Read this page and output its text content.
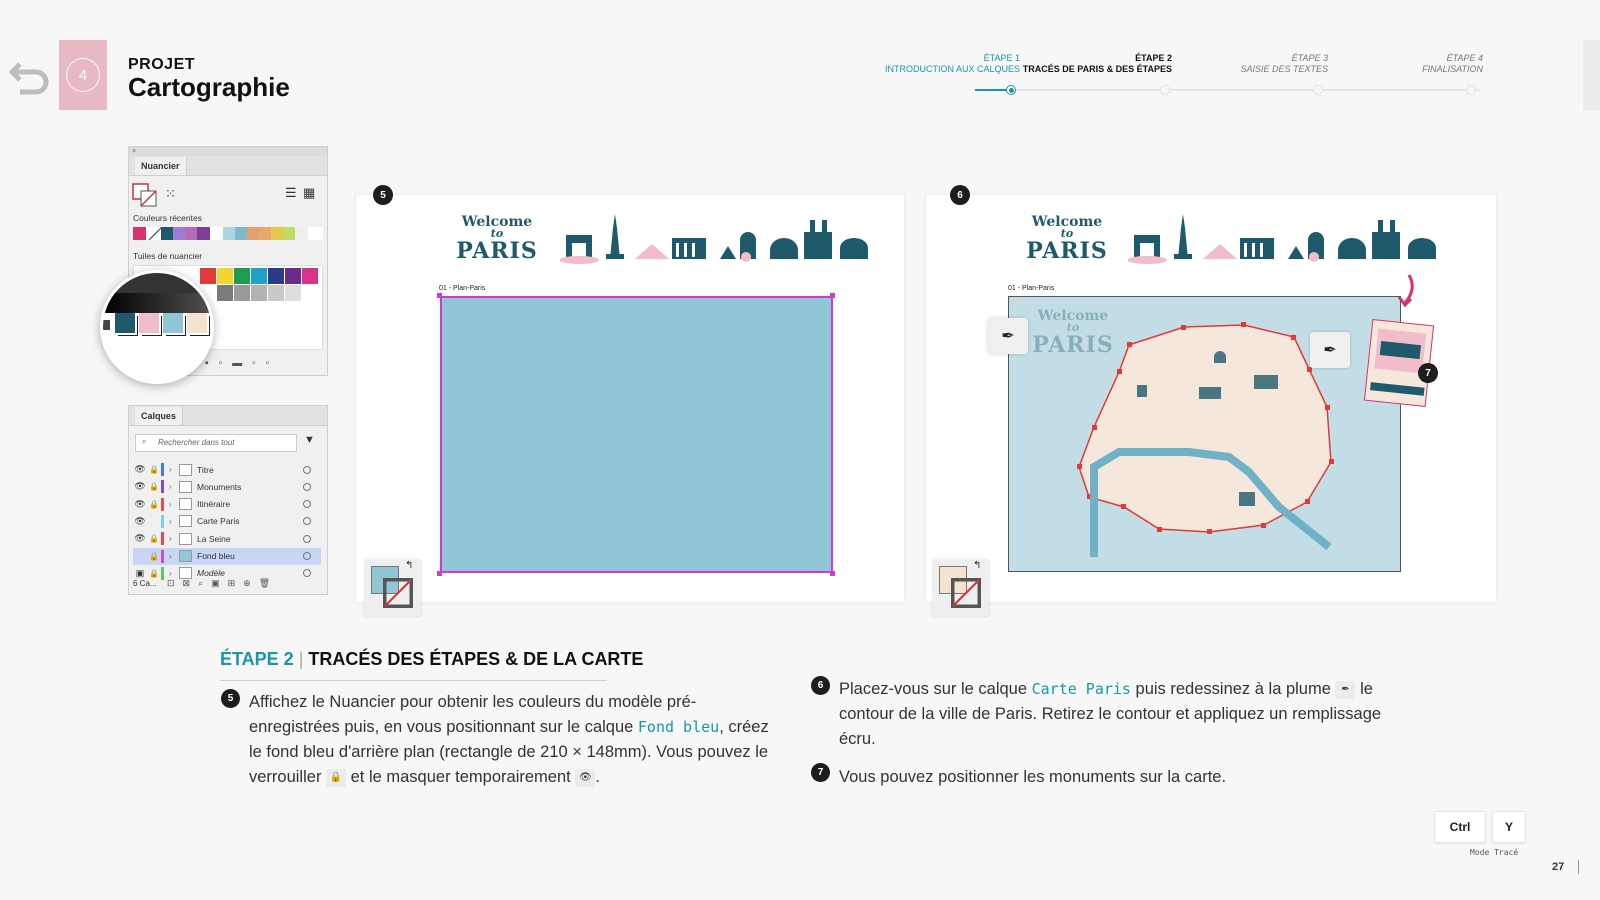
4
PROJET
Cartographie
ÉTAPE 1
INTRODUCTION AUX CALQUES
ÉTAPE 2
TRACÉS DE PARIS & DES ÉTAPES
ÉTAPE 3
SAISIE DES TEXTES
ÉTAPE 4
FINALISATION
×
Nuancier
⁙	☰ ▦
Couleurs récentes
Tuiles de nuancier
▪▫▬▫▫
Calques
⌕ Rechercher dans tout	▼
👁 🔒 ›	Titre
👁 🔒 ›	Monuments
👁 🔒 ›	Itinéraire
👁	›	Carte Paris
👁 🔒 ›	La Seine
🔒 ›	Fond bleu
▣ 🔒 ›	Modèle
6 Ca... ⊡⊠⌕▣⊞⊕🗑
5
Welcome
to
PARIS
01 - Plan-Paris
↰
6
Welcome
to
PARIS
01 - Plan-Paris
Welcome
to
PARIS
✒
✒
7
↰
ÉTAPE 2 | TRACÉS DES ÉTAPES & DE LA CARTE
5 Affichez le Nuancier pour obtenir les couleurs du modèle pré-enregistrées puis, en vous positionnant sur le calque Fond bleu, créez le fond bleu d'arrière plan (rectangle de 210 × 148mm). Vous pouvez le verrouiller 🔒 et le masquer temporairement 👁 .
6 Placez-vous sur le calque Carte Paris puis redessinez à la plume ✒ le contour de la ville de Paris. Retirez le contour et appliquez un remplissage écru.
7 Vous pouvez positionner les monuments sur la carte.
Ctrl	Y
Mode Tracé
27
